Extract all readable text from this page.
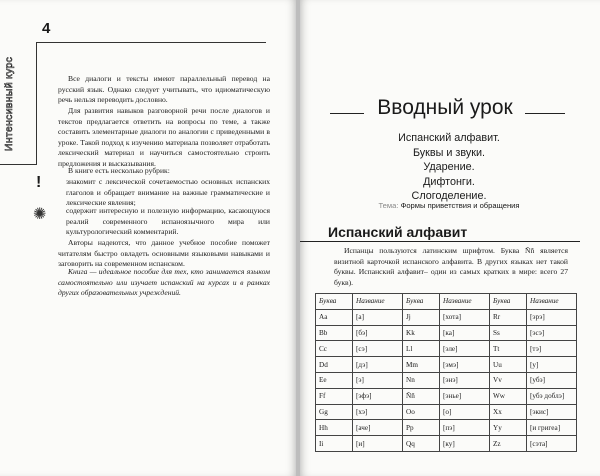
Интенсивный курс
4
Все диалоги и тексты имеют параллельный перевод на русский язык. Однако следует учитывать, что идиоматическую речь нельзя переводить дословно.
Для развития навыков разговорной речи после диалогов и текстов предлагается ответить на вопросы по теме, а также составить элементарные диалоги по аналогии с приведенными в уроке. Такой подход к изучению материала позволяет отработать лексический материал и научиться самостоятельно строить предложения и высказывания.
В книге есть несколько рубрик:
!	знакомит с лексической сочетаемостью основных испанских глаголов и обращает внимание на важные грамматические и лексические явления;
✺	содержит интересную и полезную информацию, касающуюся реалий современного испаноязычного мира или культурологический комментарий.
Авторы надеются, что данное учебное пособие поможет читателям быстро овладеть основными языковыми навыками и заговорить на современном испанском.
Книга — идеальное пособие для тех, кто занимается языком самостоятельно или изучает испанский на курсах и в рамках других образовательных учреждений.
Вводный урок
Испанский алфавит.
Буквы и звуки.
Ударение.
Дифтонги.
Слогоделение.
Тема: Формы приветствия и обращения
Испанский алфавит
Испанцы пользуются латинским шрифтом. Буква Ññ является визитной карточкой испанского алфавита. В других языках нет такой буквы. Испанский алфавит– один из самых кратких в мире: всего 27 букв).
Буква	Название	Буква	Название	Буква	Название
Aa	[а]	Jj	[хота]	Rr	[эрэ]
Bb	[бэ]	Kk	[ка]	Ss	[эсэ]
Cc	[сэ]	Ll	[эле]	Tt	[тэ]
Dd	[дэ]	Mm	[эмэ]	Uu	[у]
Ee	[э]	Nn	[энэ]	Vv	[убэ]
Ff	[эфэ]	Ññ	[энье]	Ww	[убэ доблэ]
Gg	[хэ]	Oo	[о]	Xx	[экис]
Hh	[аче]	Pp	[пэ]	Yy	[и григеа]
Ii	[и]	Qq	[ку]	Zz	[сэта]
